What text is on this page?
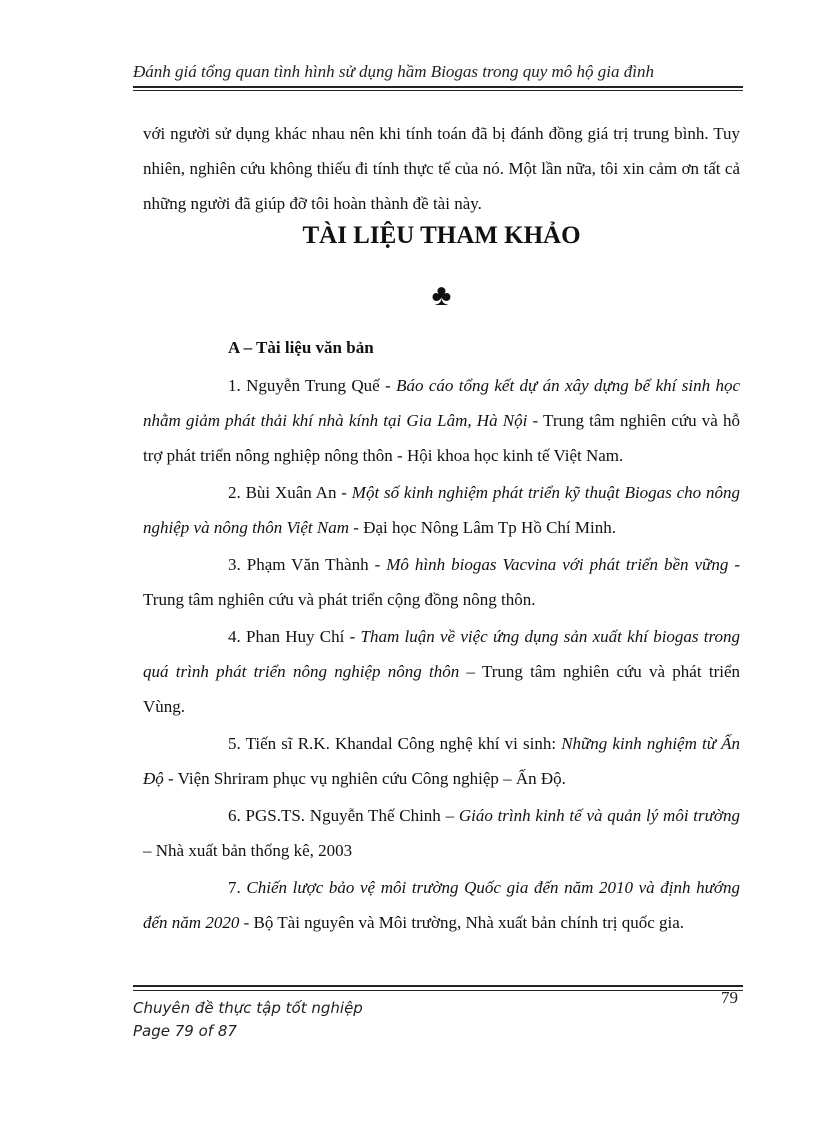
Đánh giá tổng quan tình hình sử dụng hầm Biogas trong quy mô hộ gia đình

với người sử dụng khác nhau nên khi tính toán đã bị đánh đồng giá trị trung bình. Tuy nhiên, nghiên cứu không thiếu đi tính thực tế của nó. Một lần nữa, tôi xin cảm ơn tất cả những người đã giúp đỡ tôi hoàn thành đề tài này.

TÀI LIỆU THAM KHẢO
♣
A – Tài liệu văn bản

1. Nguyễn Trung Quế - Báo cáo tổng kết dự án xây dựng bể khí sinh học nhằm giảm phát thải khí nhà kính tại Gia Lâm, Hà Nội - Trung tâm nghiên cứu và hỗ trợ phát triển nông nghiệp nông thôn - Hội khoa học kinh tế Việt Nam.

2. Bùi Xuân An - Một số kinh nghiệm phát triển kỹ thuật Biogas cho nông nghiệp và nông thôn Việt Nam - Đại học Nông Lâm Tp Hồ Chí Minh.

3. Phạm Văn Thành - Mô hình biogas Vacvina với phát triển bền vững - Trung tâm nghiên cứu và phát triển cộng đồng nông thôn.

4. Phan Huy Chí - Tham luận về việc ứng dụng sản xuất khí biogas trong quá trình phát triển nông nghiệp nông thôn – Trung tâm nghiên cứu và phát triển Vùng.

5. Tiến sĩ R.K. Khandal Công nghệ khí vi sinh: Những kinh nghiệm từ Ấn Độ - Viện Shriram phục vụ nghiên cứu Công nghiệp – Ấn Độ.

6. PGS.TS. Nguyễn Thế Chinh – Giáo trình kinh tế và quản lý môi trường – Nhà xuất bản thống kê, 2003

7. Chiến lược bảo vệ môi trường Quốc gia đến năm 2010 và định hướng đến năm 2020 - Bộ Tài nguyên và Môi trường, Nhà xuất bản chính trị quốc gia.

Chuyên đề thực tập tốt nghiệp
Page 79 of 87
79
